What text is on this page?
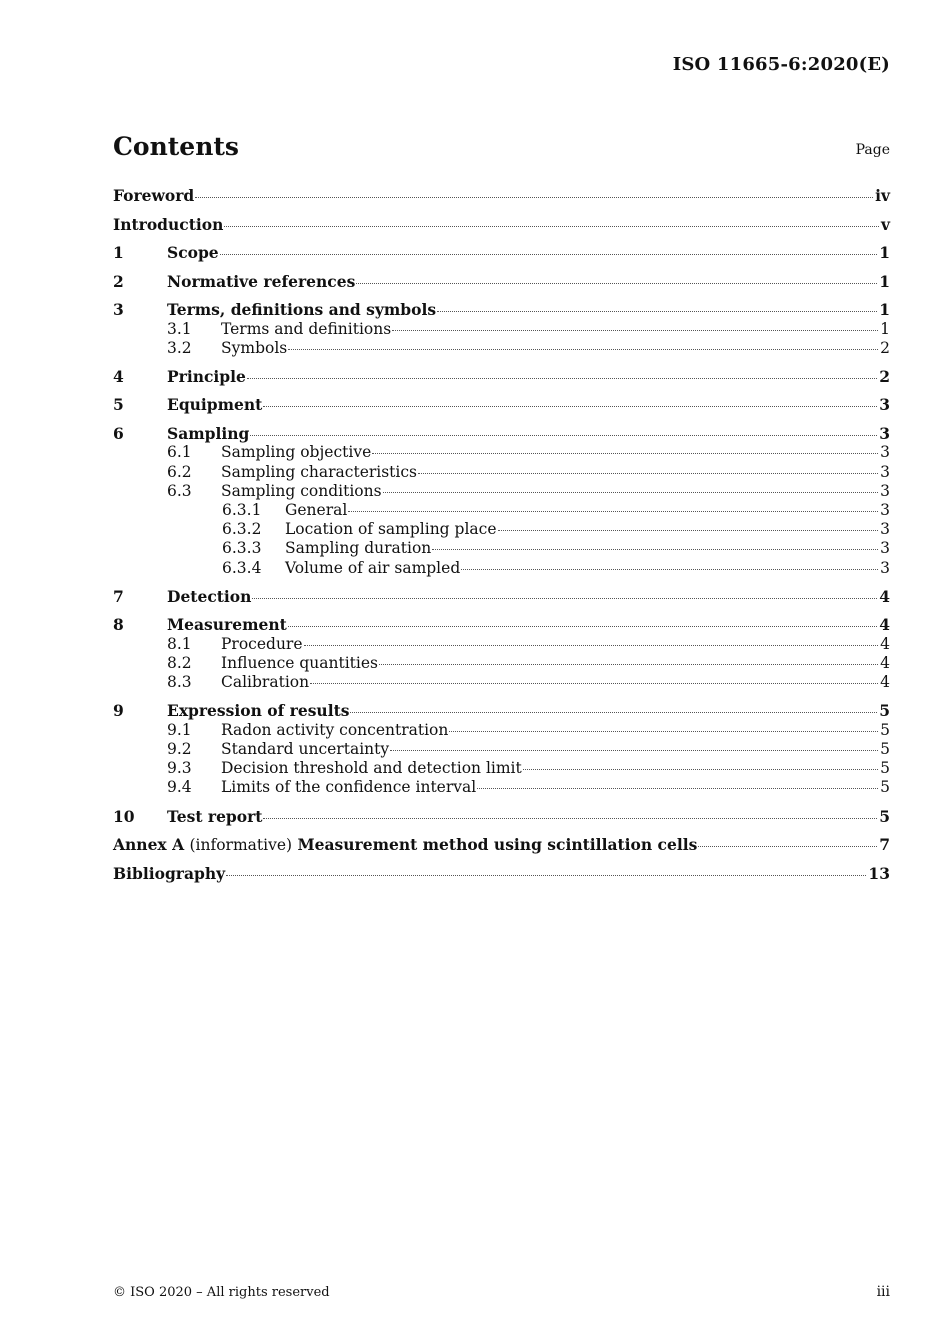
ISO 11665-6:2020(E)
Contents	Page
Foreword	iv
Introduction	v
1	Scope	1
2	Normative references	1
3	Terms, definitions and symbols	1
3.1	Terms and definitions	1
3.2	Symbols	2
4	Principle	2
5	Equipment	3
6	Sampling	3
6.1	Sampling objective	3
6.2	Sampling characteristics	3
6.3	Sampling conditions	3
6.3.1	General	3
6.3.2	Location of sampling place	3
6.3.3	Sampling duration	3
6.3.4	Volume of air sampled	3
7	Detection	4
8	Measurement	4
8.1	Procedure	4
8.2	Influence quantities	4
8.3	Calibration	4
9	Expression of results	5
9.1	Radon activity concentration	5
9.2	Standard uncertainty	5
9.3	Decision threshold and detection limit	5
9.4	Limits of the confidence interval	5
10	Test report	5
Annex A (informative) Measurement method using scintillation cells	7
Bibliography	13
© ISO 2020 – All rights reserved	iii
